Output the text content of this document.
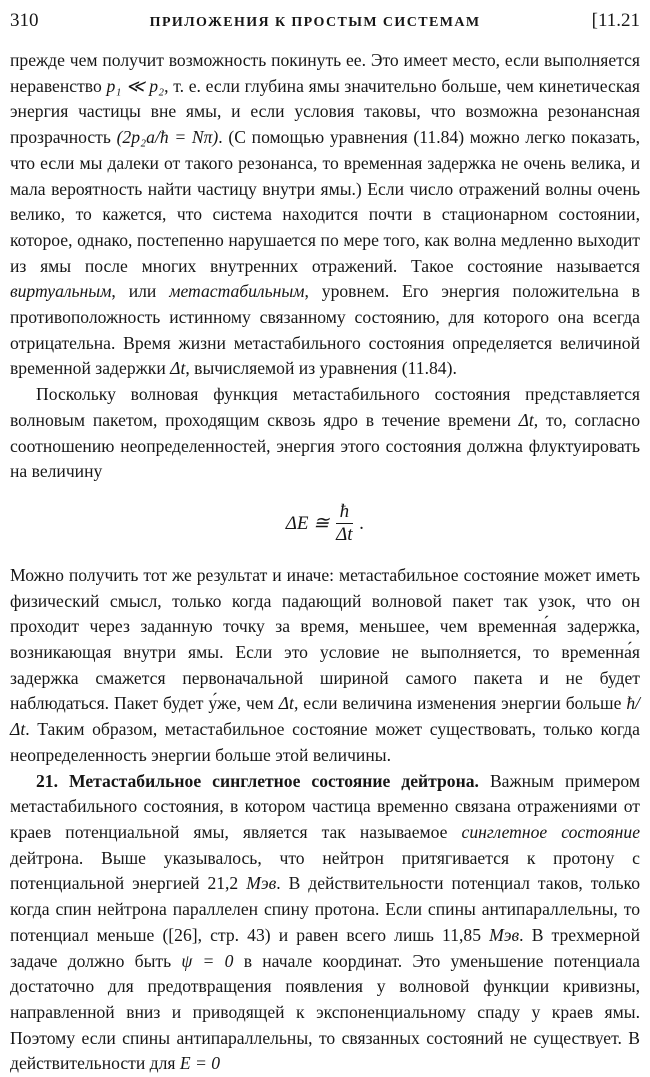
310	ПРИЛОЖЕНИЯ К ПРОСТЫМ СИСТЕМАМ	[11.21

прежде чем получит возможность покинуть ее. Это имеет место, если выполняется неравенство p₁ ≪ p₂, т. е. если глубина ямы значительно больше, чем кинетическая энергия частицы вне ямы, и если условия таковы, что возможна резонансная прозрачность (2p₂a/ħ = Nπ). (С помощью уравнения (11.84) можно легко показать, что если мы далеки от такого резонанса, то временная задержка не очень велика, и мала вероятность найти частицу внутри ямы.) Если число отражений волны очень велико, то кажется, что система находится почти в стационарном состоянии, которое, однако, постепенно нарушается по мере того, как волна медленно выходит из ямы после многих внутренних отражений. Такое состояние называется виртуальным, или метастабильным, уровнем. Его энергия положительна в противоположность истинному связанному состоянию, для которого она всегда отрицательна. Время жизни метастабильного состояния определяется величиной временной задержки Δt, вычисляемой из уравнения (11.84).

Поскольку волновая функция метастабильного состояния представляется волновым пакетом, проходящим сквозь ядро в течение времени Δt, то, согласно соотношению неопределенностей, энергия этого состояния должна флуктуировать на величину

ΔE ≅ $\frac{ħ}{\Delta t}$ .

Можно получить тот же результат и иначе: метастабильное состояние может иметь физический смысл, только когда падающий волновой пакет так узок, что он проходит через заданную точку за время, меньшее, чем временна́я задержка, возникающая внутри ямы. Если это условие не выполняется, то временна́я задержка смажется первоначальной шириной самого пакета и не будет наблюдаться. Пакет будет у́же, чем Δt, если величина изменения энергии больше ħ/Δt. Таким образом, метастабильное состояние может существовать, только когда неопределенность энергии больше этой величины.

21. Метастабильное синглетное состояние дейтрона. Важным примером метастабильного состояния, в котором частица временно связана отражениями от краев потенциальной ямы, является так называемое синглетное состояние дейтрона. Выше указывалось, что нейтрон притягивается к протону с потенциальной энергией 21,2 Мэв. В действительности потенциал таков, только когда спин нейтрона параллелен спину протона. Если спины антипараллельны, то потенциал меньше ([26], стр. 43) и равен всего лишь 11,85 Мэв. В трехмерной задаче должно быть ψ = 0 в начале координат. Это уменьшение потенциала достаточно для предотвращения появления у волновой функции кривизны, направленной вниз и приводящей к экспоненциальному спаду у краев ямы. Поэтому если спины антипараллельны, то связанных состояний не существует. В действительности для E = 0
